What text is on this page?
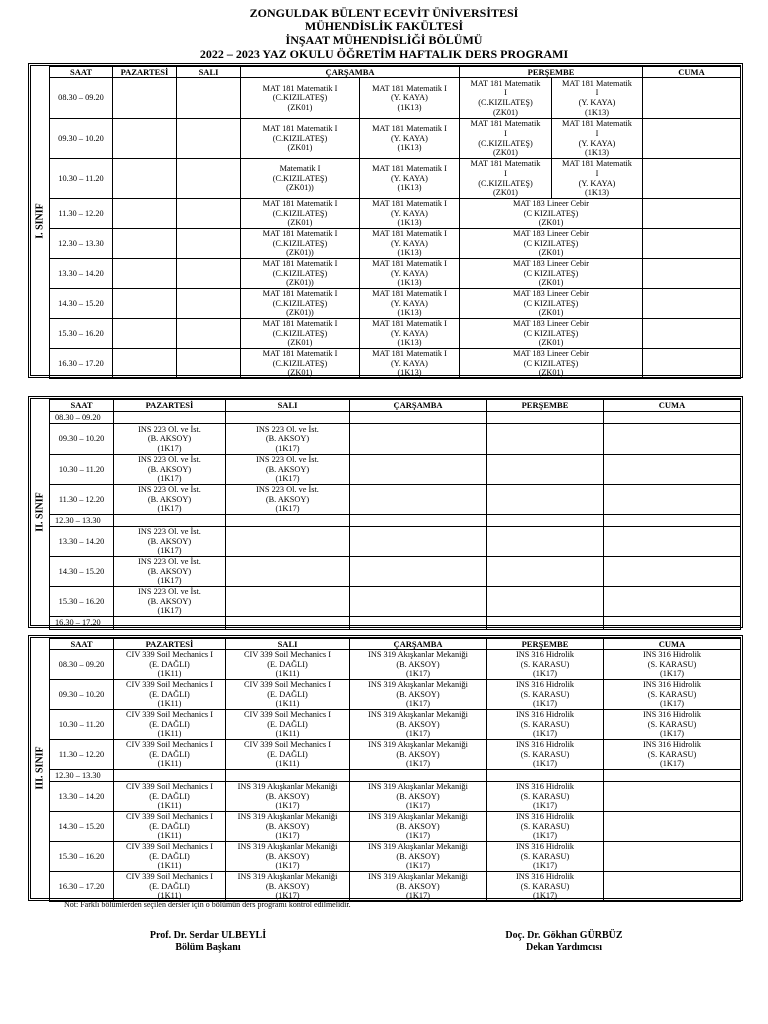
ZONGULDAK BÜLENT ECEVİT ÜNİVERSİTESİ
MÜHENDİSLİK FAKÜLTESİ
İNŞAAT MÜHENDİSLİĞİ BÖLÜMÜ
2022 – 2023 YAZ OKULU ÖĞRETİM HAFTALIK DERS PROGRAMI
I. SINIF
SAAT	PAZARTESİ	SALI	ÇARŞAMBA		PERŞEMBE		CUMA
08.30 – 09.20			MAT 181 Matematik I
(C.KIZILATEŞ)
(ZK01)	MAT 181 Matematik I
(Y. KAYA)
(1K13)	MAT 181 Matematik
I
(C.KIZILATEŞ)
(ZK01)	MAT 181 Matematik
I
(Y. KAYA)
(1K13)	

09.30 – 10.20			MAT 181 Matematik I
(C.KIZILATEŞ)
(ZK01)	MAT 181 Matematik I
(Y. KAYA)
(1K13)	MAT 181 Matematik
I
(C.KIZILATEŞ)
(ZK01)	MAT 181 Matematik
I
(Y. KAYA)
(1K13)	

10.30 – 11.20			Matematik I
(C.KIZILATEŞ)
(ZK01))	MAT 181 Matematik I
(Y. KAYA)
(1K13)	MAT 181 Matematik
I
(C.KIZILATEŞ)
(ZK01)	MAT 181 Matematik
I
(Y. KAYA)
(1K13)	

11.30 – 12.20			MAT 181 Matematik I
(C.KIZILATEŞ)
(ZK01)	MAT 181 Matematik I
(Y. KAYA)
(1K13)	MAT 183 Lineer Cebir
(C KIZILATEŞ)
(ZK01)		

12.30 – 13.30			MAT 181 Matematik I
(C.KIZILATEŞ)
(ZK01))	MAT 181 Matematik I
(Y. KAYA)
(1K13)	MAT 183 Lineer Cebir
(C KIZILATEŞ)
(ZK01)		

13.30 – 14.20			MAT 181 Matematik I
(C.KIZILATEŞ)
(ZK01))	MAT 181 Matematik I
(Y. KAYA)
(1K13)	MAT 183 Lineer Cebir
(C KIZILATEŞ)
(ZK01)		

14.30 – 15.20			MAT 181 Matematik I
(C.KIZILATEŞ)
(ZK01))	MAT 181 Matematik I
(Y. KAYA)
(1K13)	MAT 183 Lineer Cebir
(C KIZILATEŞ)
(ZK01)		

15.30 – 16.20			MAT 181 Matematik I
(C.KIZILATEŞ)
(ZK01)	MAT 181 Matematik I
(Y. KAYA)
(1K13)	MAT 183 Lineer Cebir
(C KIZILATEŞ)
(ZK01)		

16.30 – 17.20			MAT 181 Matematik I
(C.KIZILATEŞ)
(ZK01)	MAT 181 Matematik I
(Y. KAYA)
(1K13)	MAT 183 Lineer Cebir
(C KIZILATEŞ)
(ZK01)		

II. SINIF
SAAT	PAZARTESİ	SALI	ÇARŞAMBA	PERŞEMBE	CUMA
08.30 – 09.20					
09.30 – 10.20	INS 223 Ol. ve İst.
(B. AKSOY)
(1K17)	INS 223 Ol. ve İst.
(B. AKSOY)
(1K17)			

10.30 – 11.20	INS 223 Ol. ve İst.
(B. AKSOY)
(1K17)	INS 223 Ol. ve İst.
(B. AKSOY)
(1K17)			

11.30 – 12.20	INS 223 Ol. ve İst.
(B. AKSOY)
(1K17)	INS 223 Ol. ve İst.
(B. AKSOY)
(1K17)			

12.30 – 13.30					
13.30 – 14.20	INS 223 Ol. ve İst.
(B. AKSOY)
(1K17)				

14.30 – 15.20	INS 223 Ol. ve İst.
(B. AKSOY)
(1K17)				

15.30 – 16.20	INS 223 Ol. ve İst.
(B. AKSOY)
(1K17)				

16.30 – 17.20					
III. SINIF
SAAT	PAZARTESİ	SALI	ÇARŞAMBA	PERŞEMBE	CUMA
08.30 – 09.20	CIV 339 Soil Mechanics I
(E. DAĞLI)
(1K11)	CIV 339 Soil Mechanics I
(E. DAĞLI)
(1K11)	INS 319 Akışkanlar Mekaniği
(B. AKSOY)
(1K17)	INS 316 Hidrolik
(S. KARASU)
(1K17)	INS 316 Hidrolik
(S. KARASU)
(1K17)

09.30 – 10.20	CIV 339 Soil Mechanics I
(E. DAĞLI)
(1K11)	CIV 339 Soil Mechanics I
(E. DAĞLI)
(1K11)	INS 319 Akışkanlar Mekaniği
(B. AKSOY)
(1K17)	INS 316 Hidrolik
(S. KARASU)
(1K17)	INS 316 Hidrolik
(S. KARASU)
(1K17)

10.30 – 11.20	CIV 339 Soil Mechanics I
(E. DAĞLI)
(1K11)	CIV 339 Soil Mechanics I
(E. DAĞLI)
(1K11)	INS 319 Akışkanlar Mekaniği
(B. AKSOY)
(1K17)	INS 316 Hidrolik
(S. KARASU)
(1K17)	INS 316 Hidrolik
(S. KARASU)
(1K17)

11.30 – 12.20	CIV 339 Soil Mechanics I
(E. DAĞLI)
(1K11)	CIV 339 Soil Mechanics I
(E. DAĞLI)
(1K11)	INS 319 Akışkanlar Mekaniği
(B. AKSOY)
(1K17)	INS 316 Hidrolik
(S. KARASU)
(1K17)	INS 316 Hidrolik
(S. KARASU)
(1K17)

12.30 – 13.30					
13.30 – 14.20	CIV 339 Soil Mechanics I
(E. DAĞLI)
(1K11)	INS 319 Akışkanlar Mekaniği
(B. AKSOY)
(1K17)	INS 319 Akışkanlar Mekaniği
(B. AKSOY)
(1K17)	INS 316 Hidrolik
(S. KARASU)
(1K17)	

14.30 – 15.20	CIV 339 Soil Mechanics I
(E. DAĞLI)
(1K11)	INS 319 Akışkanlar Mekaniği
(B. AKSOY)
(1K17)	INS 319 Akışkanlar Mekaniği
(B. AKSOY)
(1K17)	INS 316 Hidrolik
(S. KARASU)
(1K17)	

15.30 – 16.20	CIV 339 Soil Mechanics I
(E. DAĞLI)
(1K11)	INS 319 Akışkanlar Mekaniği
(B. AKSOY)
(1K17)	INS 319 Akışkanlar Mekaniği
(B. AKSOY)
(1K17)	INS 316 Hidrolik
(S. KARASU)
(1K17)	

16.30 – 17.20	CIV 339 Soil Mechanics I
(E. DAĞLI)
(1K11)	INS 319 Akışkanlar Mekaniği
(B. AKSOY)
(1K17)	INS 319 Akışkanlar Mekaniği
(B. AKSOY)
(1K17)	INS 316 Hidrolik
(S. KARASU)
(1K17)	

Not: Farklı bölümlerden seçilen dersler için o bölümün ders programı kontrol edilmelidir.
Prof. Dr. Serdar ULBEYLİ
Bölüm Başkanı
Doç. Dr. Gökhan GÜRBÜZ
Dekan Yardımcısı
